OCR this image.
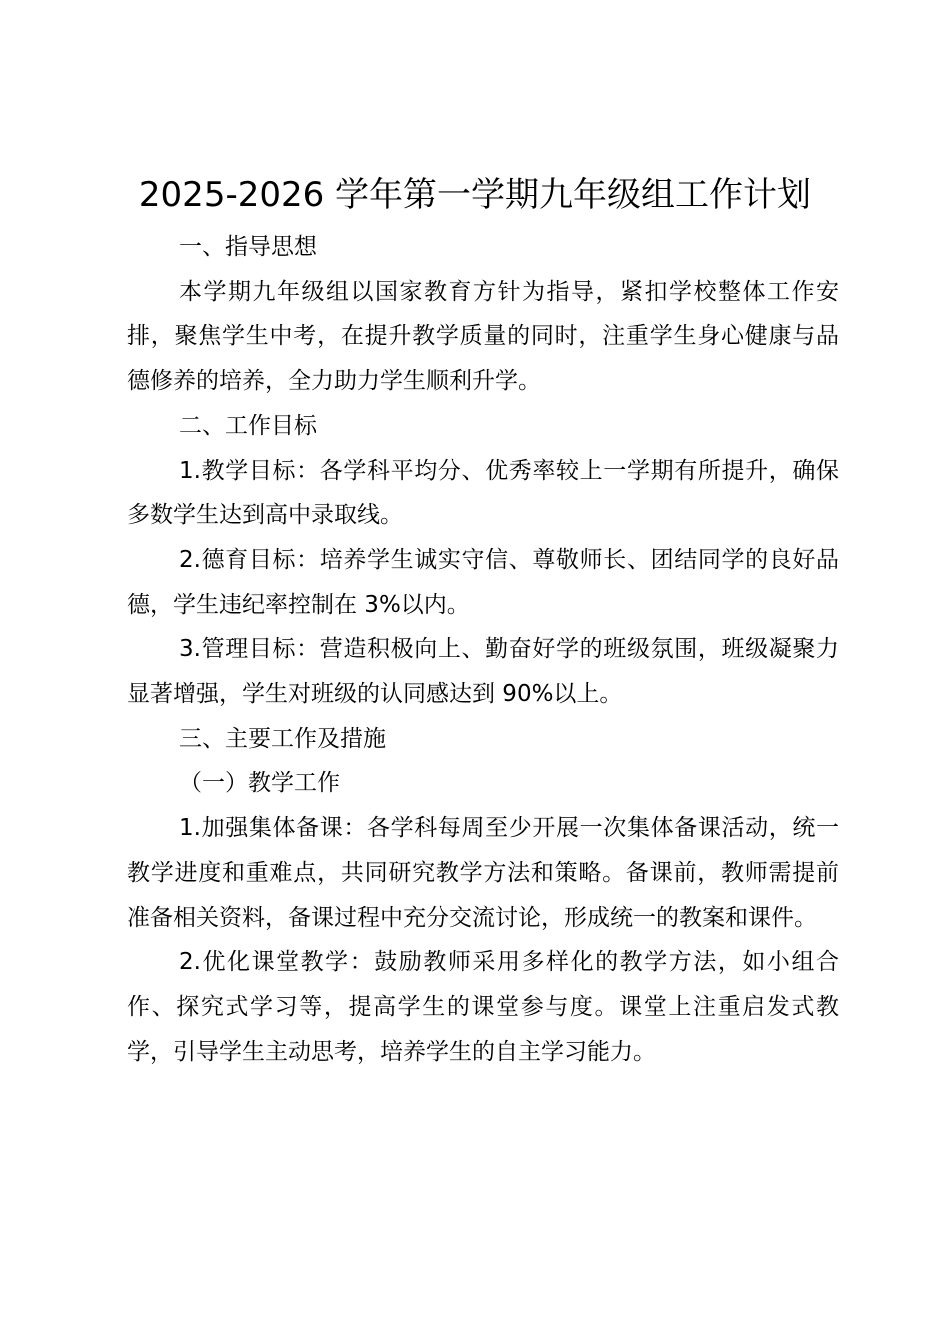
2025-2026 学年第一学期九年级组工作计划

一、指导思想

本学期九年级组以国家教育方针为指导，紧扣学校整体工作安排，聚焦学生中考，在提升教学质量的同时，注重学生身心健康与品德修养的培养，全力助力学生顺利升学。

二、工作目标

1.教学目标：各学科平均分、优秀率较上一学期有所提升，确保多数学生达到高中录取线。

2.德育目标：培养学生诚实守信、尊敬师长、团结同学的良好品德，学生违纪率控制在 3%以内。

3.管理目标：营造积极向上、勤奋好学的班级氛围，班级凝聚力显著增强，学生对班级的认同感达到 90%以上。

三、主要工作及措施

（一）教学工作

1.加强集体备课：各学科每周至少开展一次集体备课活动，统一教学进度和重难点，共同研究教学方法和策略。备课前，教师需提前准备相关资料，备课过程中充分交流讨论，形成统一的教案和课件。

2.优化课堂教学：鼓励教师采用多样化的教学方法，如小组合作、探究式学习等，提高学生的课堂参与度。课堂上注重启发式教学，引导学生主动思考，培养学生的自主学习能力。
